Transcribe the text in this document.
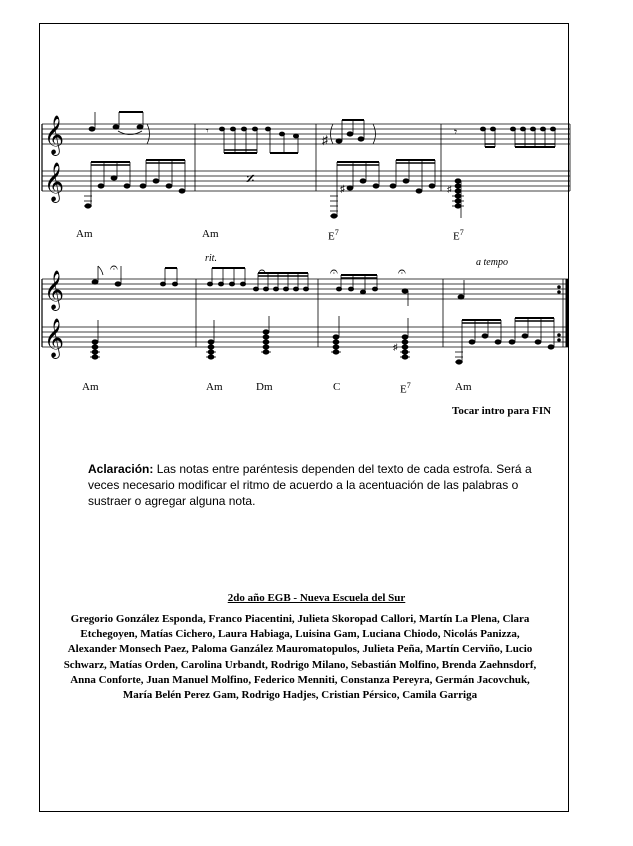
𝄞
𝄞
𝄞
𝄞
𝄾
♯
𝄾
𝄎
♯	♯
𝄐	𝄐	𝄐	𝄐
♯
Am	Am	$E^7$	$E^7$
rit.	a tempo
Am	Am	Dm	C	$E^7$	Am
Tocar intro para FIN
Aclaración: Las notas entre paréntesis dependen del texto de cada estrofa. Será a veces necesario modificar el ritmo de acuerdo a la acentuación de las palabras o sustraer o agregar alguna nota.
2do año EGB - Nueva Escuela del Sur
Gregorio González Esponda, Franco Piacentini, Julieta Skoropad Callori, Martín La Plena, Clara Etchegoyen, Matías Cichero, Laura Habiaga, Luisina Gam, Luciana Chiodo, Nicolás Panizza, Alexander Monsech Paez, Paloma Ganzález Mauromatopulos, Julieta Peña, Martín Cerviño, Lucio Schwarz, Matías Orden, Carolina Urbandt, Rodrigo Milano, Sebastián Molfino, Brenda Zaehnsdorf, Anna Conforte, Juan Manuel Molfino, Federico Menniti, Constanza Pereyra, Germán Jacovchuk, María Belén Perez Gam, Rodrigo Hadjes, Cristian Pérsico, Camila Garriga
